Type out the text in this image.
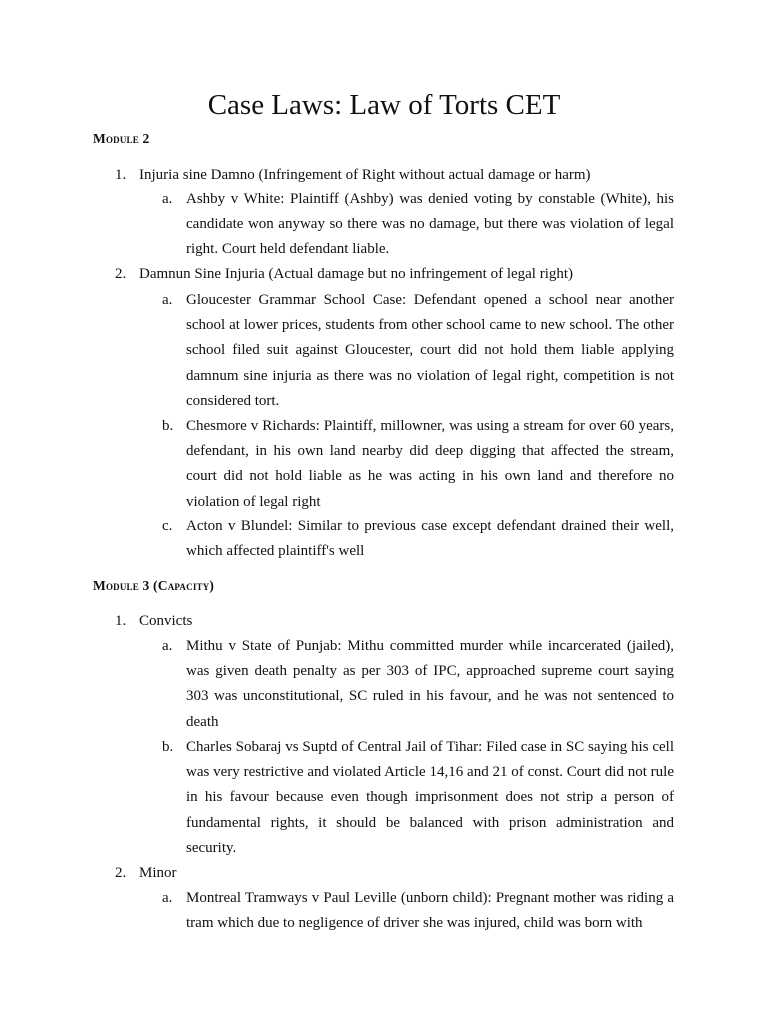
Case Laws: Law of Torts CET
Module 2
1. Injuria sine Damno (Infringement of Right without actual damage or harm)
a. Ashby v White: Plaintiff (Ashby) was denied voting by constable (White), his candidate won anyway so there was no damage, but there was violation of legal right. Court held defendant liable.
2. Damnun Sine Injuria (Actual damage but no infringement of legal right)
a. Gloucester Grammar School Case: Defendant opened a school near another school at lower prices, students from other school came to new school. The other school filed suit against Gloucester, court did not hold them liable applying damnum sine injuria as there was no violation of legal right, competition is not considered tort.
b. Chesmore v Richards: Plaintiff, millowner, was using a stream for over 60 years, defendant, in his own land nearby did deep digging that affected the stream, court did not hold liable as he was acting in his own land and therefore no violation of legal right
c. Acton v Blundel: Similar to previous case except defendant drained their well, which affected plaintiff's well
Module 3 (Capacity)
1. Convicts
a. Mithu v State of Punjab: Mithu committed murder while incarcerated (jailed), was given death penalty as per 303 of IPC, approached supreme court saying 303 was unconstitutional, SC ruled in his favour, and he was not sentenced to death
b. Charles Sobaraj vs Suptd of Central Jail of Tihar: Filed case in SC saying his cell was very restrictive and violated Article 14,16 and 21 of const. Court did not rule in his favour because even though imprisonment does not strip a person of fundamental rights, it should be balanced with prison administration and security.
2. Minor
a. Montreal Tramways v Paul Leville (unborn child): Pregnant mother was riding a tram which due to negligence of driver she was injured, child was born with
